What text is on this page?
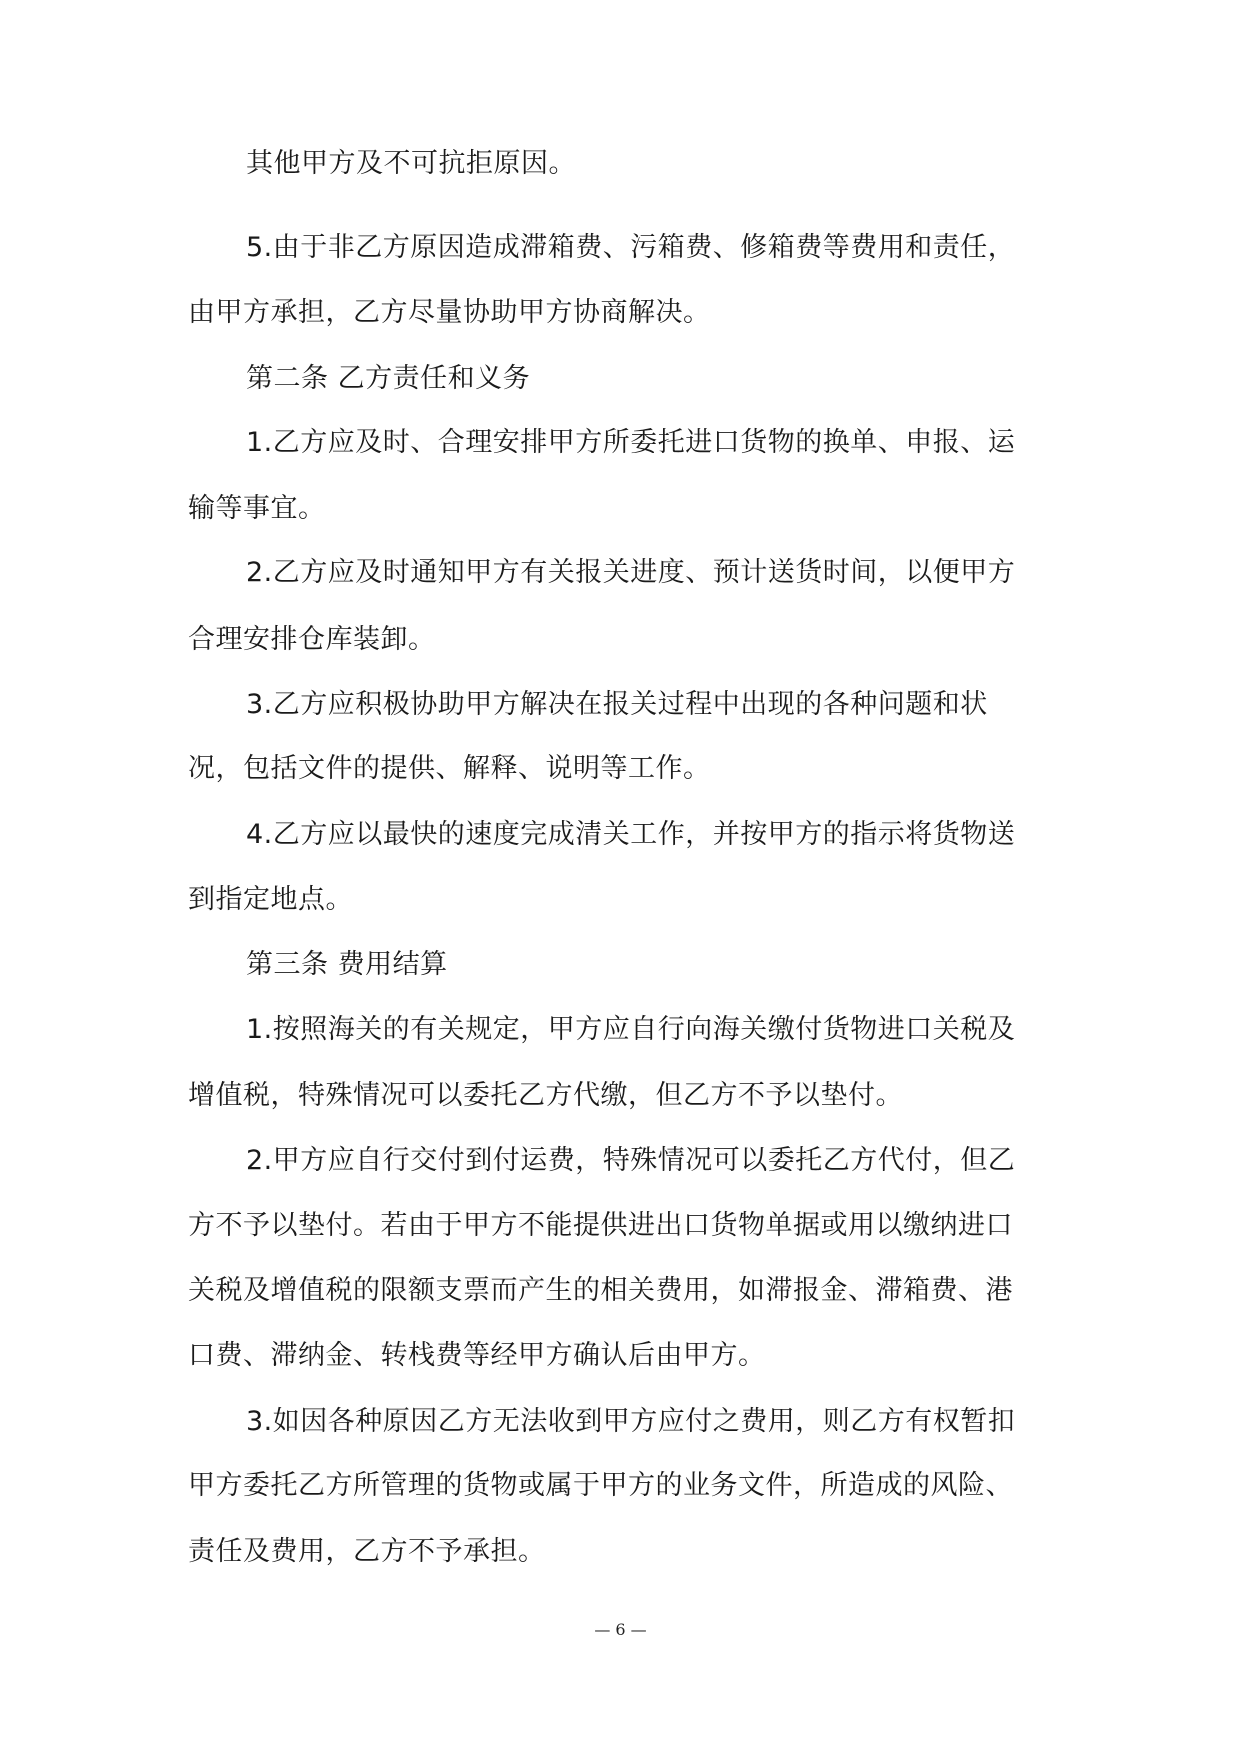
其他甲方及不可抗拒原因。
5.由于非乙方原因造成滞箱费、污箱费、修箱费等费用和责任，
由甲方承担，乙方尽量协助甲方协商解决。
第二条 乙方责任和义务
1.乙方应及时、合理安排甲方所委托进口货物的换单、申报、运
输等事宜。
2.乙方应及时通知甲方有关报关进度、预计送货时间，以便甲方
合理安排仓库装卸。
3.乙方应积极协助甲方解决在报关过程中出现的各种问题和状
况，包括文件的提供、解释、说明等工作。
4.乙方应以最快的速度完成清关工作，并按甲方的指示将货物送
到指定地点。
第三条 费用结算
1.按照海关的有关规定，甲方应自行向海关缴付货物进口关税及
增值税，特殊情况可以委托乙方代缴，但乙方不予以垫付。
2.甲方应自行交付到付运费，特殊情况可以委托乙方代付，但乙
方不予以垫付。若由于甲方不能提供进出口货物单据或用以缴纳进口
关税及增值税的限额支票而产生的相关费用，如滞报金、滞箱费、港
口费、滞纳金、转栈费等经甲方确认后由甲方。
3.如因各种原因乙方无法收到甲方应付之费用，则乙方有权暂扣
甲方委托乙方所管理的货物或属于甲方的业务文件，所造成的风险、
责任及费用，乙方不予承担。
— 6 —
